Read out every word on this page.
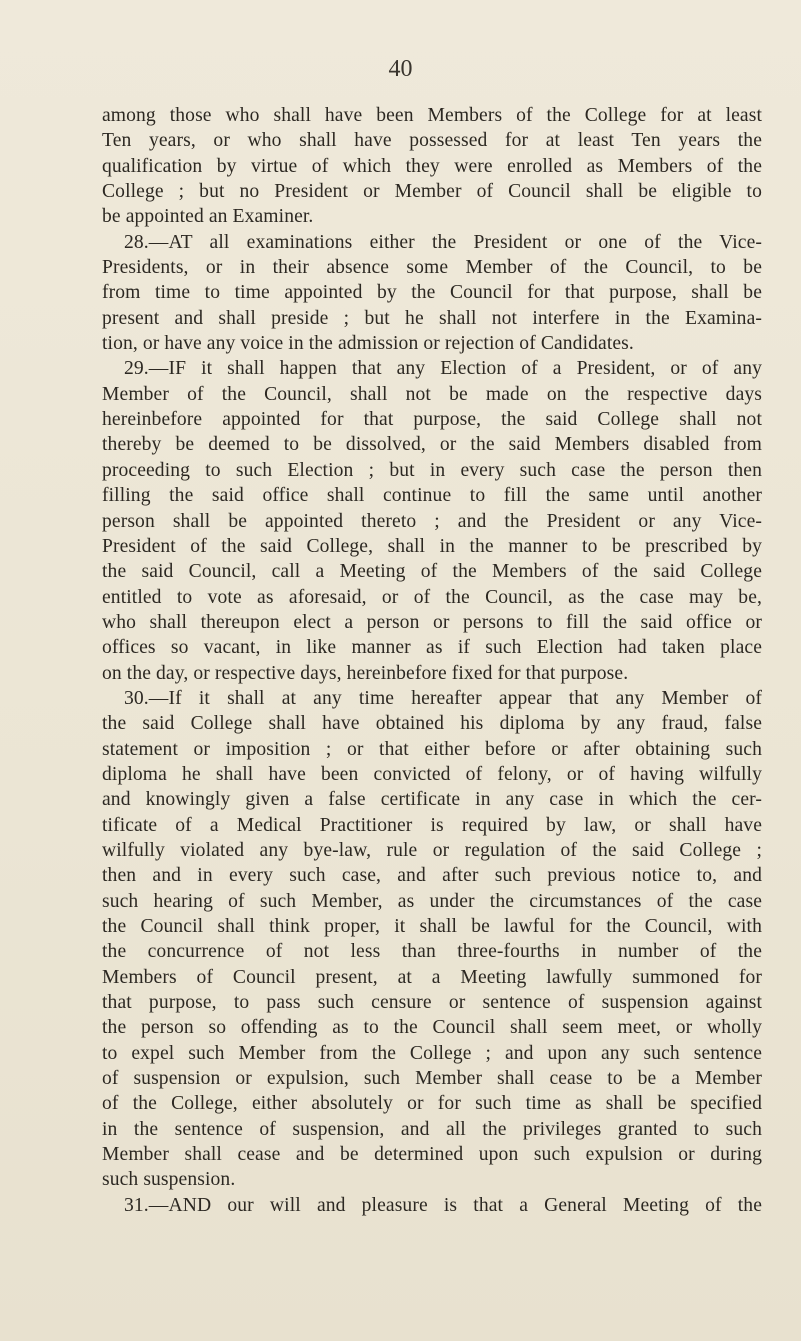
40
among those who shall have been Members of the College for at least
Ten years, or who shall have possessed for at least Ten years the
qualification by virtue of which they were enrolled as Members of the
College ; but no President or Member of Council shall be eligible to
be appointed an Examiner.
28.—AT all examinations either the President or one of the Vice-
Presidents, or in their absence some Member of the Council, to be
from time to time appointed by the Council for that purpose, shall be
present and shall preside ; but he shall not interfere in the Examina-
tion, or have any voice in the admission or rejection of Candidates.
29.—IF it shall happen that any Election of a President, or of any
Member of the Council, shall not be made on the respective days
hereinbefore appointed for that purpose, the said College shall not
thereby be deemed to be dissolved, or the said Members disabled from
proceeding to such Election ; but in every such case the person then
filling the said office shall continue to fill the same until another
person shall be appointed thereto ; and the President or any Vice-
President of the said College, shall in the manner to be prescribed by
the said Council, call a Meeting of the Members of the said College
entitled to vote as aforesaid, or of the Council, as the case may be,
who shall thereupon elect a person or persons to fill the said office or
offices so vacant, in like manner as if such Election had taken place
on the day, or respective days, hereinbefore fixed for that purpose.
30.—If it shall at any time hereafter appear that any Member of
the said College shall have obtained his diploma by any fraud, false
statement or imposition ; or that either before or after obtaining such
diploma he shall have been convicted of felony, or of having wilfully
and knowingly given a false certificate in any case in which the cer-
tificate of a Medical Practitioner is required by law, or shall have
wilfully violated any bye-law, rule or regulation of the said College ;
then and in every such case, and after such previous notice to, and
such hearing of such Member, as under the circumstances of the case
the Council shall think proper, it shall be lawful for the Council, with
the concurrence of not less than three-fourths in number of the
Members of Council present, at a Meeting lawfully summoned for
that purpose, to pass such censure or sentence of suspension against
the person so offending as to the Council shall seem meet, or wholly
to expel such Member from the College ; and upon any such sentence
of suspension or expulsion, such Member shall cease to be a Member
of the College, either absolutely or for such time as shall be specified
in the sentence of suspension, and all the privileges granted to such
Member shall cease and be determined upon such expulsion or during
such suspension.
31.—AND our will and pleasure is that a General Meeting of the
